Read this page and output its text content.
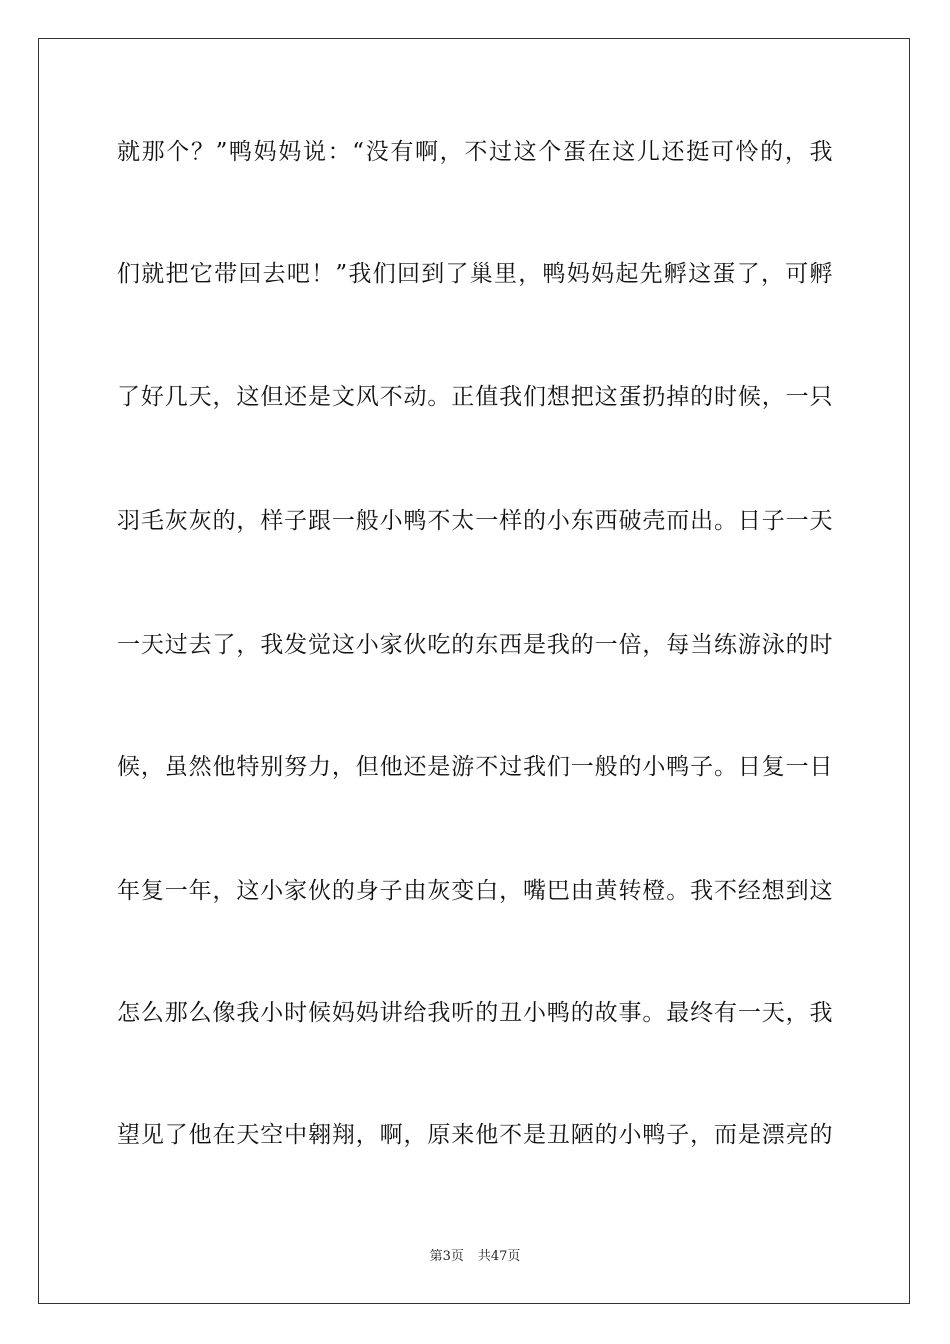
就那个？”鸭妈妈说：“没有啊，不过这个蛋在这儿还挺可怜的，我
们就把它带回去吧！”我们回到了巢里，鸭妈妈起先孵这蛋了，可孵
了好几天，这但还是文风不动。正值我们想把这蛋扔掉的时候，一只
羽毛灰灰的，样子跟一般小鸭不太一样的小东西破壳而出。日子一天
一天过去了，我发觉这小家伙吃的东西是我的一倍，每当练游泳的时
候，虽然他特别努力，但他还是游不过我们一般的小鸭子。日复一日
年复一年，这小家伙的身子由灰变白，嘴巴由黄转橙。我不经想到这
怎么那么像我小时候妈妈讲给我听的丑小鸭的故事。最终有一天，我
望见了他在天空中翱翔，啊，原来他不是丑陋的小鸭子，而是漂亮的
第3页 共47页
